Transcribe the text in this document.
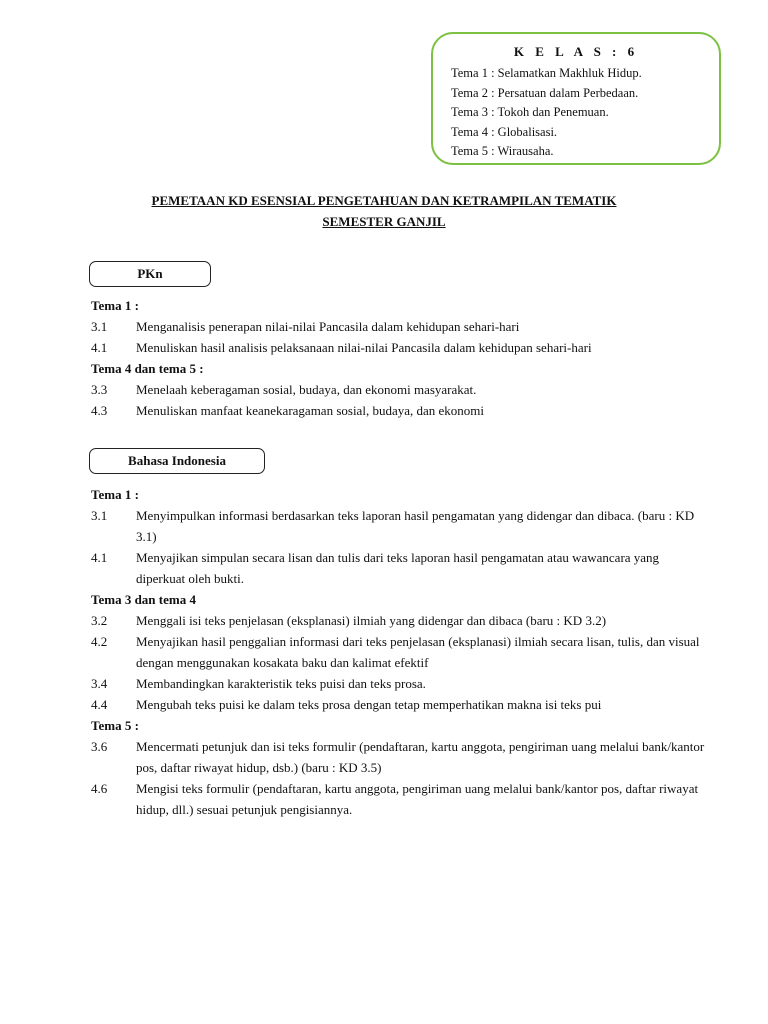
K E L A S : 6
Tema 1 : Selamatkan Makhluk Hidup.
Tema 2 : Persatuan dalam Perbedaan.
Tema 3 : Tokoh dan Penemuan.
Tema 4 : Globalisasi.
Tema 5 : Wirausaha.
PEMETAAN KD ESENSIAL PENGETAHUAN DAN KETRAMPILAN TEMATIK
SEMESTER GANJIL
PKn
Tema 1 :
3.1	Menganalisis penerapan nilai-nilai Pancasila dalam kehidupan sehari-hari
4.1	Menuliskan hasil analisis pelaksanaan nilai-nilai Pancasila dalam kehidupan sehari-hari
Tema 4 dan tema 5 :
3.3	Menelaah keberagaman sosial, budaya, dan ekonomi masyarakat.
4.3	Menuliskan manfaat keanekaragaman sosial, budaya, dan ekonomi
Bahasa Indonesia
Tema 1 :
3.1	Menyimpulkan informasi berdasarkan teks laporan hasil pengamatan yang didengar dan dibaca. (baru : KD 3.1)
4.1	Menyajikan simpulan secara lisan dan tulis dari teks laporan hasil pengamatan atau wawancara yang diperkuat oleh bukti.
Tema 3 dan tema 4
3.2	Menggali isi teks penjelasan (eksplanasi) ilmiah yang didengar dan dibaca (baru : KD 3.2)
4.2	Menyajikan hasil penggalian informasi dari teks penjelasan (eksplanasi) ilmiah secara lisan, tulis, dan visual dengan menggunakan kosakata baku dan kalimat efektif
3.4	Membandingkan karakteristik teks puisi dan teks prosa.
4.4	Mengubah teks puisi ke dalam teks prosa dengan tetap memperhatikan makna isi teks pui
Tema 5 :
3.6	Mencermati petunjuk dan isi teks formulir (pendaftaran, kartu anggota, pengiriman uang melalui bank/kantor pos, daftar riwayat hidup, dsb.) (baru : KD 3.5)
4.6	Mengisi teks formulir (pendaftaran, kartu anggota, pengiriman uang melalui bank/kantor pos, daftar riwayat hidup, dll.) sesuai petunjuk pengisiannya.
